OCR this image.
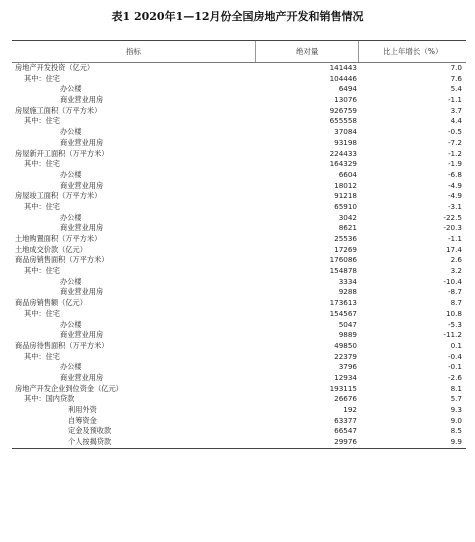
表1 2020年1—12月份全国房地产开发和销售情况
指标	绝对量	比上年增长（%）
房地产开发投资（亿元）	141443	7.0
其中：住宅	104446	7.6
办公楼	6494	5.4
商业营业用房	13076	-1.1
房屋施工面积（万平方米）	926759	3.7
其中：住宅	655558	4.4
办公楼	37084	-0.5
商业营业用房	93198	-7.2
房屋新开工面积（万平方米）	224433	-1.2
其中：住宅	164329	-1.9
办公楼	6604	-6.8
商业营业用房	18012	-4.9
房屋竣工面积（万平方米）	91218	-4.9
其中：住宅	65910	-3.1
办公楼	3042	-22.5
商业营业用房	8621	-20.3
土地购置面积（万平方米）	25536	-1.1
土地成交价款（亿元）	17269	17.4
商品房销售面积（万平方米）	176086	2.6
其中：住宅	154878	3.2
办公楼	3334	-10.4
商业营业用房	9288	-8.7
商品房销售额（亿元）	173613	8.7
其中：住宅	154567	10.8
办公楼	5047	-5.3
商业营业用房	9889	-11.2
商品房待售面积（万平方米）	49850	0.1
其中：住宅	22379	-0.4
办公楼	3796	-0.1
商业营业用房	12934	-2.6
房地产开发企业到位资金（亿元）	193115	8.1
其中：国内贷款	26676	5.7
利用外资	192	9.3
自筹资金	63377	9.0
定金及预收款	66547	8.5
个人按揭贷款	29976	9.9
